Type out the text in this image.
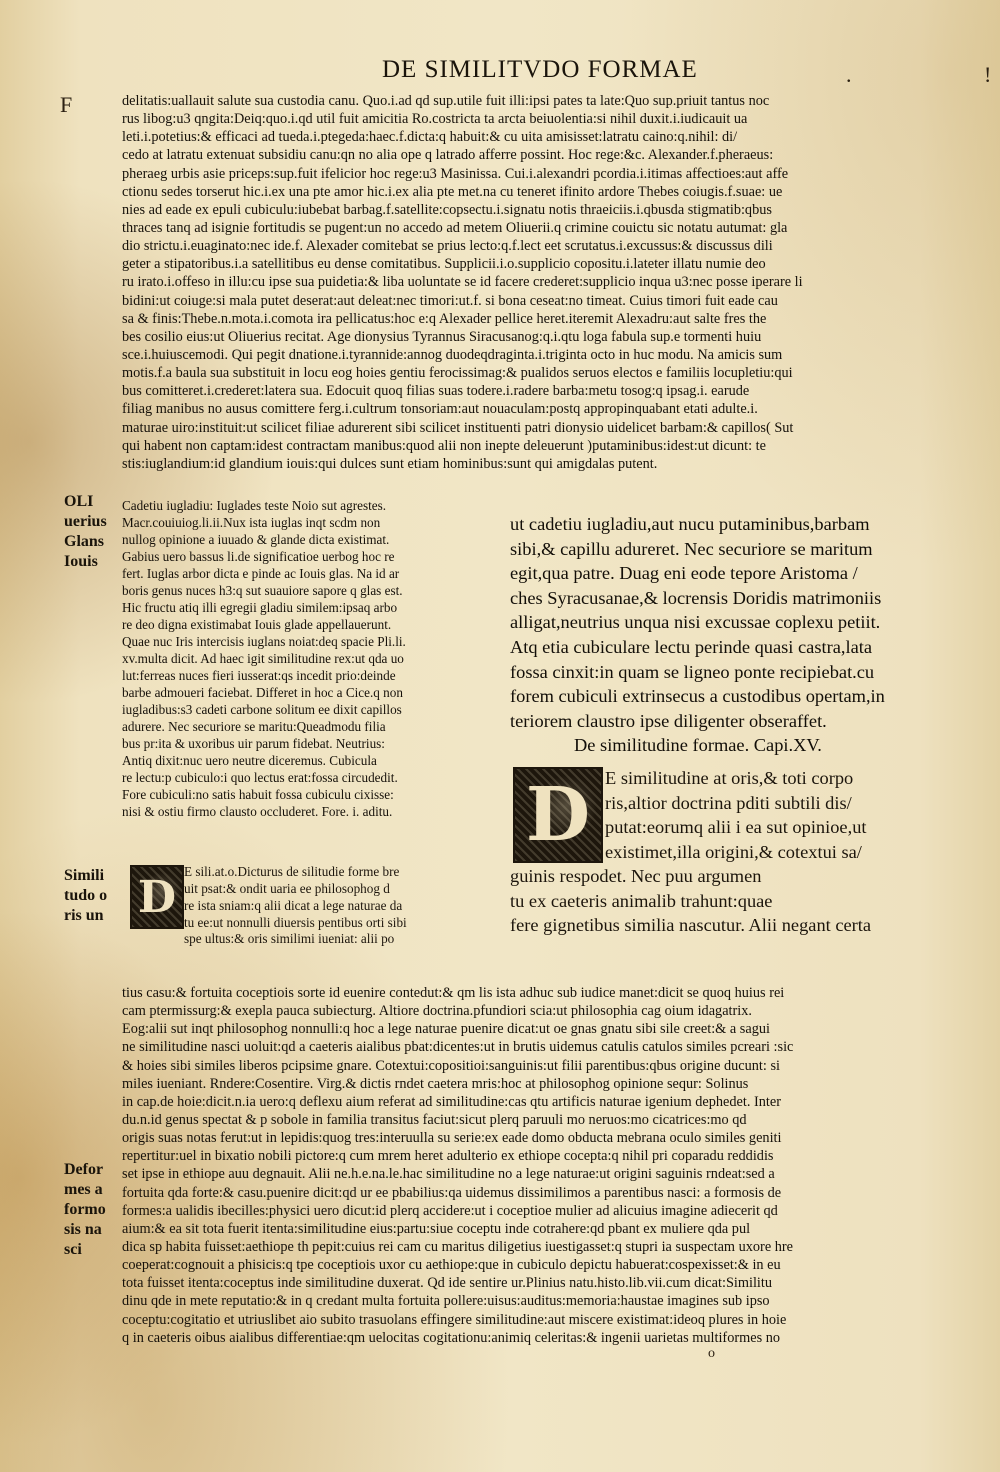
DE SIMILITVDO FORMAE	.	!
F	delitatis:uallauit salute sua custodia canu. Quo.i.ad qd sup.utile fuit illi:ipsi pates ta late:Quo sup.priuit tantus noc
rus libog:u3 qngita:Deiq:quo.i.qd util fuit amicitia Ro.costricta ta arcta beiuolentia:si nihil duxit.i.iudicauit ua
leti.i.potetius:& efficaci ad tueda.i.ptegeda:haec.f.dicta:q habuit:& cu uita amisisset:latratu caino:q.nihil: di/
cedo at latratu extenuat subsidiu canu:qn no alia ope q latrado afferre possint. Hoc rege:&c. Alexander.f.pheraeus:
pheraeg urbis asie priceps:sup.fuit ifelicior hoc rege:u3 Masinissa. Cui.i.alexandri pcordia.i.itimas affectioes:aut affe
ctionu sedes torserut hic.i.ex una pte amor hic.i.ex alia pte met.na cu teneret ifinito ardore Thebes coiugis.f.suae: ue
nies ad eade ex epuli cubiculu:iubebat barbag.f.satellite:copsectu.i.signatu notis thraeiciis.i.qbusda stigmatib:qbus
thraces tanq ad isignie fortitudis se pugent:un no accedo ad metem Oliuerii.q crimine couictu sic notatu autumat: gla
dio strictu.i.euaginato:nec ide.f. Alexader comitebat se prius lecto:q.f.lect eet scrutatus.i.excussus:& discussus dili
geter a stipatoribus.i.a satellitibus eu dense comitatibus. Supplicii.i.o.supplicio copositu.i.lateter illatu numie deo
ru irato.i.offeso in illu:cu ipse sua puidetia:& liba uoluntate se id facere crederet:supplicio inqua u3:nec posse iperare li
bidini:ut coiuge:si mala putet deserat:aut deleat:nec timori:ut.f. si bona ceseat:no timeat. Cuius timori fuit eade cau
sa & finis:Thebe.n.mota.i.comota ira pellicatus:hoc e:q Alexader pellice heret.iteremit Alexadru:aut salte fres the
bes cosilio eius:ut Oliuerius recitat. Age dionysius Tyrannus Siracusanog:q.i.qtu loga fabula sup.e tormenti huiu
sce.i.huiuscemodi. Qui pegit dnatione.i.tyrannide:annog duodeqdraginta.i.triginta octo in huc modu. Na amicis sum
motis.f.a baula sua substituit in locu eog hoies gentiu ferocissimag:& pualidos seruos electos e familiis locupletiu:qui
bus comitteret.i.crederet:latera sua. Edocuit quoq filias suas todere.i.radere barba:metu tosog:q ipsag.i. earude
filiag manibus no ausus comittere ferg.i.cultrum tonsoriam:aut nouaculam:postq appropinquabant etati adulte.i.
maturae uiro:instituit:ut scilicet filiae adurerent sibi scilicet instituenti patri dionysio uidelicet barbam:& capillos( Sut
qui habent non captam:idest contractam manibus:quod alii non inepte deleuerunt )putaminibus:idest:ut dicunt: te
stis:iuglandium:id glandium iouis:qui dulces sunt etiam hominibus:sunt qui amigdalas putent.
Cadetiu iugladiu: Iuglades teste Noio sut agrestes.
Macr.couiuiog.li.ii.Nux ista iuglas inqt scdm non
nullog opinione a iuuado & glande dicta existimat.
Gabius uero bassus li.de significatioe uerbog hoc re
fert. Iuglas arbor dicta e pinde ac Iouis glas. Na id ar
boris genus nuces h3:q sut suauiore sapore q glas est.
Hic fructu atiq illi egregii gladiu similem:ipsaq arbo
re deo digna existimabat Iouis glade appellauerunt.
Quae nuc Iris intercisis iuglans noiat:deq spacie Pli.li.
xv.multa dicit. Ad haec igit similitudine rex:ut qda uo
lut:ferreas nuces fieri iusserat:qs incedit prio:deinde
barbe admoueri faciebat. Differet in hoc a Cice.q non
iugladibus:s3 cadeti carbone solitum ee dixit capillos
adurere. Nec securiore se maritu:Queadmodu filia
bus pr:ita & uxoribus uir parum fidebat. Neutrius:
Antiq dixit:nuc uero neutre diceremus. Cubicula
re lectu:p cubiculo:i quo lectus erat:fossa circudedit.
Fore cubiculi:no satis habuit fossa cubiculu cixisse:
nisi & ostiu firmo clausto occluderet. Fore. i. aditu.
D E sili.at.o.Dicturus de silitudie forme bre
uit psat:& ondit uaria ee philosophog d
re ista sniam:q alii dicat a lege naturae da
tu ee:ut nonnulli diuersis pentibus orti sibi
spe ultus:& oris similimi iueniat: alii po
ut cadetiu iugladiu,aut nucu putaminibus,barbam
sibi,& capillu adureret. Nec securiore se maritum
egit,qua patre. Duag eni eode tepore Aristoma /
ches Syracusanae,& locrensis Doridis matrimoniis
alligat,neutrius unqua nisi excussae coplexu petiit.
Atq etia cubiculare lectu perinde quasi castra,lata
fossa cinxit:in quam se ligneo ponte recipiebat.cu
forem cubiculi extrinsecus a custodibus opertam,in
teriorem claustro ipse diligenter obseraffet.
De similitudine formae. Capi.XV.
D E similitudine at oris,& toti corpo
ris,altior doctrina pditi subtili dis/
putat:eorumq alii i ea sut opinioe,ut
existimet,illa origini,& cotextui sa/
guinis respodet. Nec puu argumen
tu ex caeteris animalib trahunt:quae
fere gignetibus similia nascutur. Alii negant certa
tius casu:& fortuita coceptiois sorte id euenire contedut:& qm lis ista adhuc sub iudice manet:dicit se quoq huius rei
cam ptermissurg:& exepla pauca subiecturg. Altiore doctrina.pfundiori scia:ut philosophia cag oium idagatrix.
Eog:alii sut inqt philosophog nonnulli:q hoc a lege naturae puenire dicat:ut oe gnas gnatu sibi sile creet:& a sagui
ne similitudine nasci uoluit:qd a caeteris aialibus pbat:dicentes:ut in brutis uidemus catulis catulos similes pcreari :sic
& hoies sibi similes liberos pcipsime gnare. Cotextui:copositioi:sanguinis:ut filii parentibus:qbus origine ducunt: si
miles iueniant. Rndere:Cosentire. Virg.& dictis rndet caetera mris:hoc at philosophog opinione sequr: Solinus
in cap.de hoie:dicit.n.ia uero:q deflexu aium referat ad similitudine:cas qtu artificis naturae igenium dephedet. Inter
du.n.id genus spectat & p sobole in familia transitus faciut:sicut plerq paruuli mo neruos:mo cicatrices:mo qd
origis suas notas ferut:ut in lepidis:quog tres:interuulla su serie:ex eade domo obducta mebrana oculo similes geniti
repertitur:uel in bixatio nobili pictore:q cum mrem heret adulterio ex ethiope cocepta:q nihil pri coparadu reddidis
set ipse in ethiope auu degnauit. Alii ne.h.e.na.le.hac similitudine no a lege naturae:ut origini saguinis rndeat:sed a
fortuita qda forte:& casu.puenire dicit:qd ur ee pbabilius:qa uidemus dissimilimos a parentibus nasci: a formosis de
formes:a ualidis ibecilles:physici uero dicut:id plerq accidere:ut i coceptioe mulier ad alicuius imagine adiecerit qd
aium:& ea sit tota fuerit itenta:similitudine eius:partu:siue coceptu inde cotrahere:qd pbant ex muliere qda pul
dica sp habita fuisset:aethiope th pepit:cuius rei cam cu maritus diligetius iuestigasset:q stupri ia suspectam uxore hre
coeperat:cognouit a phisicis:q tpe coceptiois uxor cu aethiope:que in cubiculo depictu habuerat:cospexisset:& in eu
tota fuisset itenta:coceptus inde similitudine duxerat. Qd ide sentire ur.Plinius natu.histo.lib.vii.cum dicat:Similitu
dinu qde in mete reputatio:& in q credant multa fortuita pollere:uisus:auditus:memoria:haustae imagines sub ipso
coceptu:cogitatio et utriuslibet aio subito trasuolans effingere similitudine:aut miscere existimat:ideoq plures in hoie
q in caeteris oibus aialibus differentiae:qm uelocitas cogitationu:animiq celeritas:& ingenii uarietas multiformes no
OLI
uerius
Glans
Iouis
Simili
tudo o
ris un
Defor
mes a
formo
sis na
sci
o
